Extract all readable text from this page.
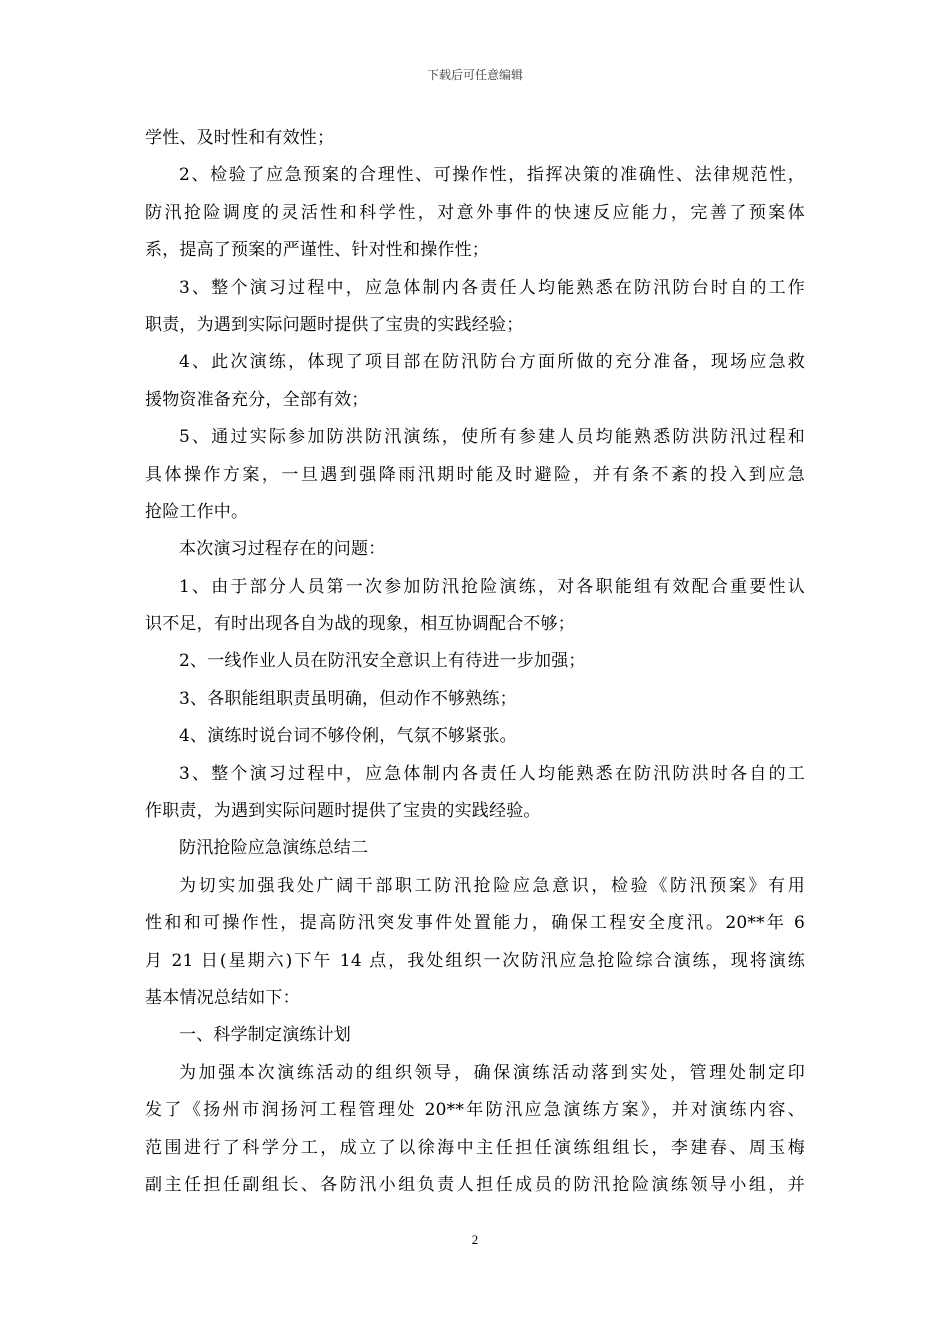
下载后可任意编辑
学性、及时性和有效性；
2、检验了应急预案的合理性、可操作性，指挥决策的准确性、法律规范性，
防汛抢险调度的灵活性和科学性，对意外事件的快速反应能力，完善了预案体
系，提高了预案的严谨性、针对性和操作性；
3、整个演习过程中，应急体制内各责任人均能熟悉在防汛防台时自的工作
职责，为遇到实际问题时提供了宝贵的实践经验；
4、此次演练，体现了项目部在防汛防台方面所做的充分准备，现场应急救
援物资准备充分，全部有效；
5、通过实际参加防洪防汛演练，使所有参建人员均能熟悉防洪防汛过程和
具体操作方案，一旦遇到强降雨汛期时能及时避险，并有条不紊的投入到应急
抢险工作中。
本次演习过程存在的问题：
1、由于部分人员第一次参加防汛抢险演练，对各职能组有效配合重要性认
识不足，有时出现各自为战的现象，相互协调配合不够；
2、一线作业人员在防汛安全意识上有待进一步加强；
3、各职能组职责虽明确，但动作不够熟练；
4、演练时说台词不够伶俐，气氛不够紧张。
3、整个演习过程中，应急体制内各责任人均能熟悉在防汛防洪时各自的工
作职责，为遇到实际问题时提供了宝贵的实践经验。
防汛抢险应急演练总结二
为切实加强我处广阔干部职工防汛抢险应急意识，检验《防汛预案》有用
性和和可操作性，提高防汛突发事件处置能力，确保工程安全度汛。20**年 6
月 21 日(星期六)下午 14 点，我处组织一次防汛应急抢险综合演练，现将演练
基本情况总结如下：
一、科学制定演练计划
为加强本次演练活动的组织领导，确保演练活动落到实处，管理处制定印
发了《扬州市润扬河工程管理处 20**年防汛应急演练方案》，并对演练内容、
范围进行了科学分工，成立了以徐海中主任担任演练组组长，李建春、周玉梅
副主任担任副组长、各防汛小组负责人担任成员的防汛抢险演练领导小组，并
2
